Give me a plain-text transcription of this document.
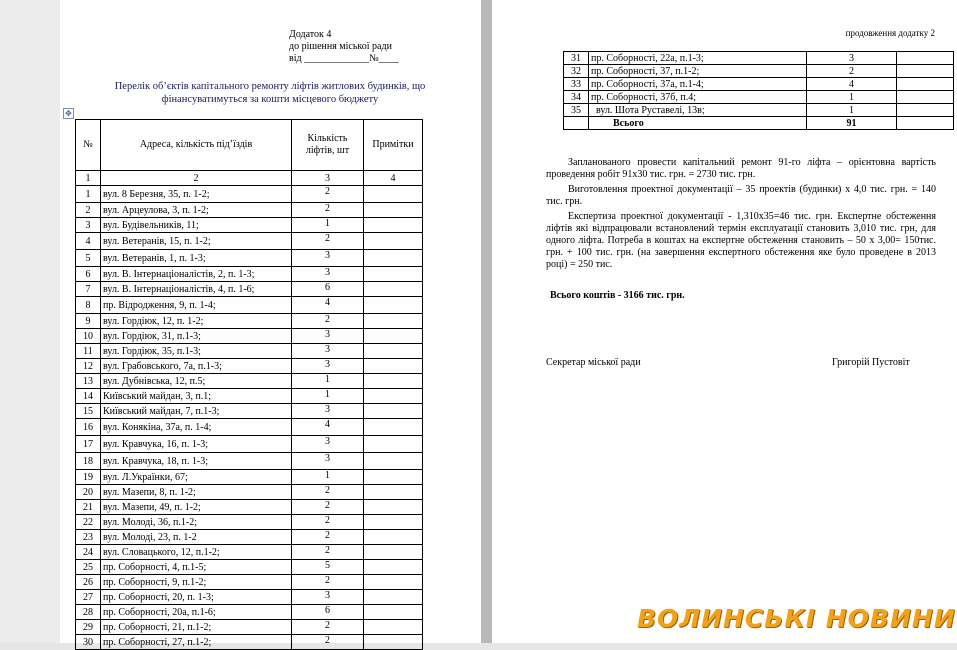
Додаток 4
до рішення міської ради
від _____________№____
Перелік об’єктів капітального ремонту ліфтів житлових будинків, що фінансуватимуться за кошти місцевого бюджету
✥
№	Адреса, кількість під’їздів	Кількість ліфтів, шт	Примітки
1	2	3	4
1	вул. 8 Березня, 35, п. 1-2;	2	
2	вул. Арцеулова, 3, п. 1-2;	2	
3	вул. Будівельників, 11;	1	
4	вул. Ветеранів, 15, п. 1-2;	2	
5	вул. Ветеранів, 1, п. 1-3;	3	
6	вул. В. Інтернаціоналістів, 2, п. 1-3;	3	
7	вул. В. Інтернаціоналістів, 4, п. 1-6;	6	
8	пр. Відродження, 9, п. 1-4;	4	
9	вул. Гордіюк, 12, п. 1-2;	2	
10	вул. Гордіюк, 31, п.1-3;	3	
11	вул. Гордіюк, 35, п.1-3;	3	
12	вул. Грабовського, 7а, п.1-3;	3	
13	вул. Дубнівська, 12, п.5;	1	
14	Київський майдан, 3, п.1;	1	
15	Київський майдан, 7, п.1-3;	3	
16	вул. Конякіна, 37а, п. 1-4;	4	
17	вул. Кравчука, 16, п. 1-3;	3	
18	вул. Кравчука, 18, п. 1-3;	3	
19	вул. Л.Українки, 67;	1	
20	вул. Мазепи, 8, п. 1-2;	2	
21	вул. Мазепи, 49, п. 1-2;	2	
22	вул. Молоді, 36, п.1-2;	2	
23	вул. Молоді, 23, п. 1-2	2	
24	вул. Словацького, 12, п.1-2;	2	
25	пр. Соборності, 4, п.1-5;	5	
26	пр. Соборності, 9, п.1-2;	2	
27	пр. Соборності, 20, п. 1-3;	3	
28	пр. Соборності, 20а, п.1-6;	6	
29	пр. Соборності, 21, п.1-2;	2	
30	пр. Соборності, 27, п.1-2;	2	
продовження додатку 2
31	пр. Соборності, 22а, п.1-3;	3	
32	пр. Соборності, 37, п.1-2;	2	
33	пр. Соборності, 37а, п.1-4;	4	
34	пр. Соборності, 37б, п.4;	1	
35	вул. Шота Руставелі, 13в;	1	
	Всього	91	

Запланованого провести капітальний ремонт 91-го ліфта – орієнтовна вартість проведення робіт 91х30 тис. грн. = 2730 тис. грн.

Виготовлення проектної документації – 35 проектів (будинки) х 4,0 тис. грн. = 140 тис. грн.

Експертиза проектної документації - 1,310х35=46 тис. грн. Експертне обстеження ліфтів які відпрацювали встановлений термін експлуатації становить 3,010 тис. грн, для одного ліфта. Потреба в коштах на експертне обстеження становить – 50 х 3,00= 150тис. грн. + 100 тис. грн. (на завершення експертного обстеження яке було проведене в 2013 році) = 250 тис.

Всього коштів - 3166 тис. грн.
Секретар міської ради	Григорій Пустовіт
ВОЛИНСЬКІ НОВИНИ
